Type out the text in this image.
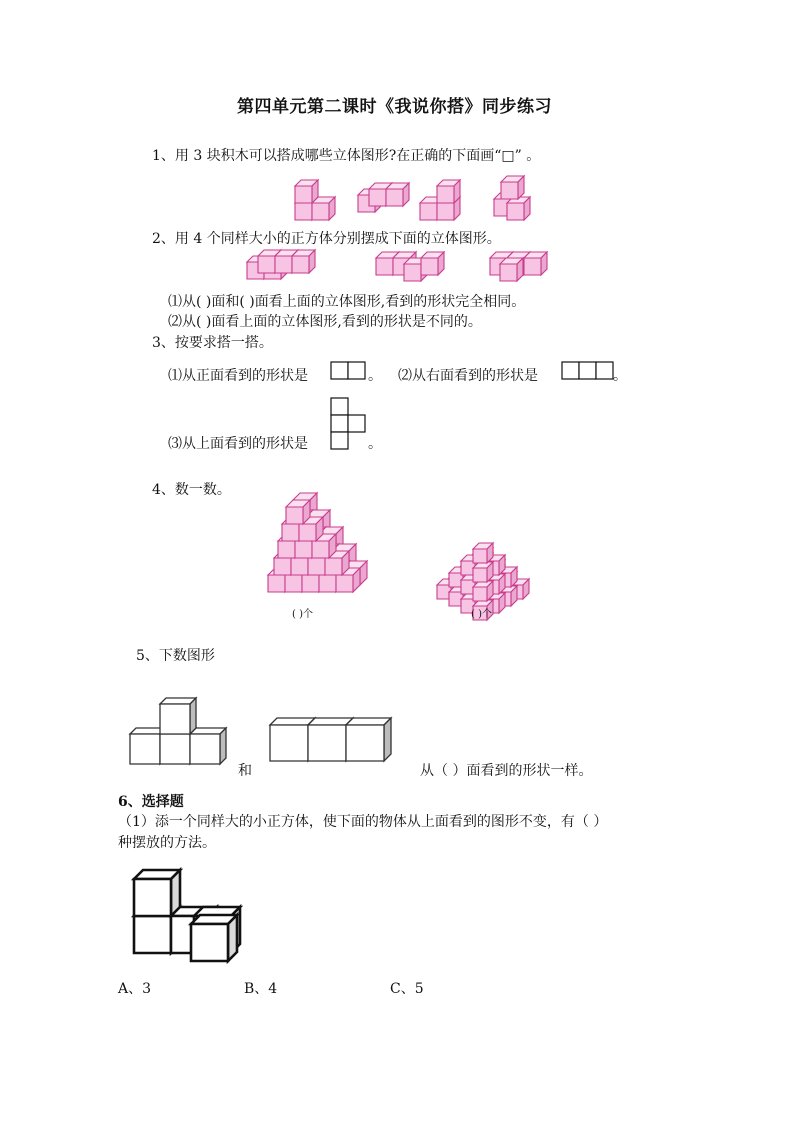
第四单元第二课时《我说你搭》同步练习
1、用 3 块积木可以搭成哪些立体图形?在正确的下面画“□” 。
2、用 4 个同样大小的正方体分别摆成下面的立体图形。
⑴从( )面和( )面看上面的立体图形,看到的形状完全相同。
⑵从( )面看上面的立体图形,看到的形状是不同的。
3、按要求搭一搭。
⑴从正面看到的形状是	。 ⑵从右面看到的形状是	。
⑶从上面看到的形状是	。
4、数一数。
( )个	( )个
5、下数图形
和	从（ ）面看到的形状一样。
6、选择题
（1）添一个同样大的小正方体，使下面的物体从上面看到的图形不变，有（ ）
种摆放的方法。
A、3	B、4	C、5
